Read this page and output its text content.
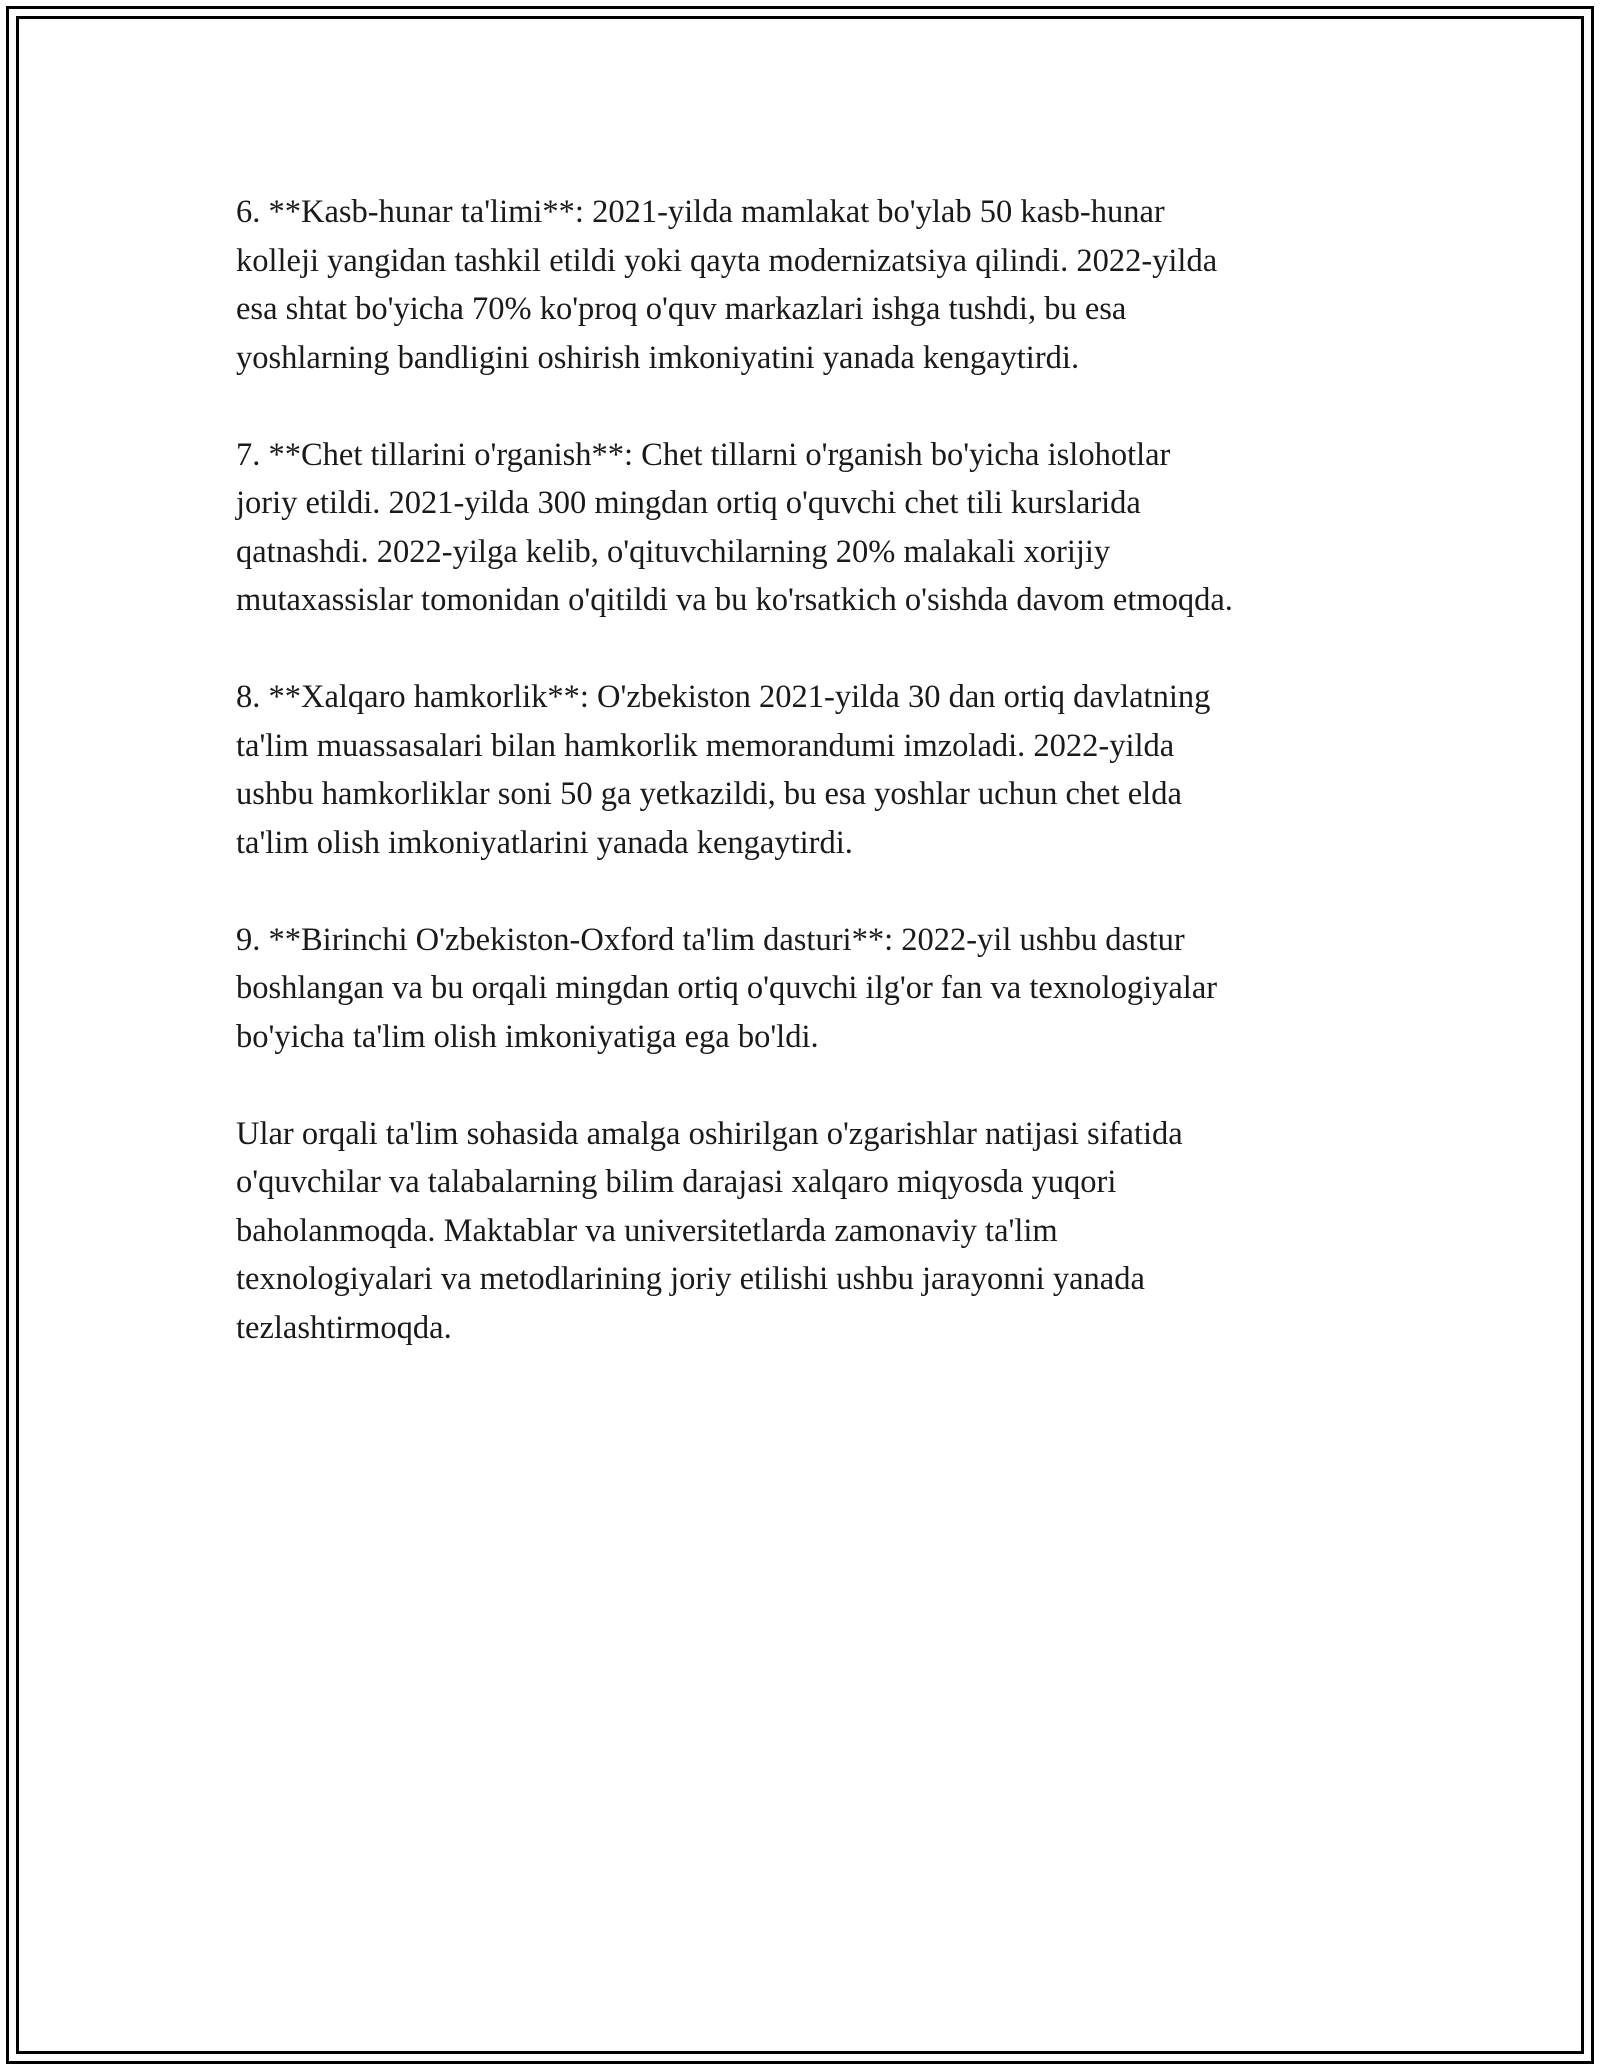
6. **Kasb-hunar ta'limi**: 2021-yilda mamlakat bo'ylab 50 kasb-hunar
kolleji yangidan tashkil etildi yoki qayta modernizatsiya qilindi. 2022-yilda
esa shtat bo'yicha 70% ko'proq o'quv markazlari ishga tushdi, bu esa
yoshlarning bandligini oshirish imkoniyatini yanada kengaytirdi.

7. **Chet tillarini o'rganish**: Chet tillarni o'rganish bo'yicha islohotlar
joriy etildi. 2021-yilda 300 mingdan ortiq o'quvchi chet tili kurslarida
qatnashdi. 2022-yilga kelib, o'qituvchilarning 20% malakali xorijiy
mutaxassislar tomonidan o'qitildi va bu ko'rsatkich o'sishda davom etmoqda.

8. **Xalqaro hamkorlik**: O'zbekiston 2021-yilda 30 dan ortiq davlatning
ta'lim muassasalari bilan hamkorlik memorandumi imzoladi. 2022-yilda
ushbu hamkorliklar soni 50 ga yetkazildi, bu esa yoshlar uchun chet elda
ta'lim olish imkoniyatlarini yanada kengaytirdi.

9. **Birinchi O'zbekiston-Oxford ta'lim dasturi**: 2022-yil ushbu dastur
boshlangan va bu orqali mingdan ortiq o'quvchi ilg'or fan va texnologiyalar
bo'yicha ta'lim olish imkoniyatiga ega bo'ldi.

Ular orqali ta'lim sohasida amalga oshirilgan o'zgarishlar natijasi sifatida
o'quvchilar va talabalarning bilim darajasi xalqaro miqyosda yuqori
baholanmoqda. Maktablar va universitetlarda zamonaviy ta'lim
texnologiyalari va metodlarining joriy etilishi ushbu jarayonni yanada
tezlashtirmoqda.
